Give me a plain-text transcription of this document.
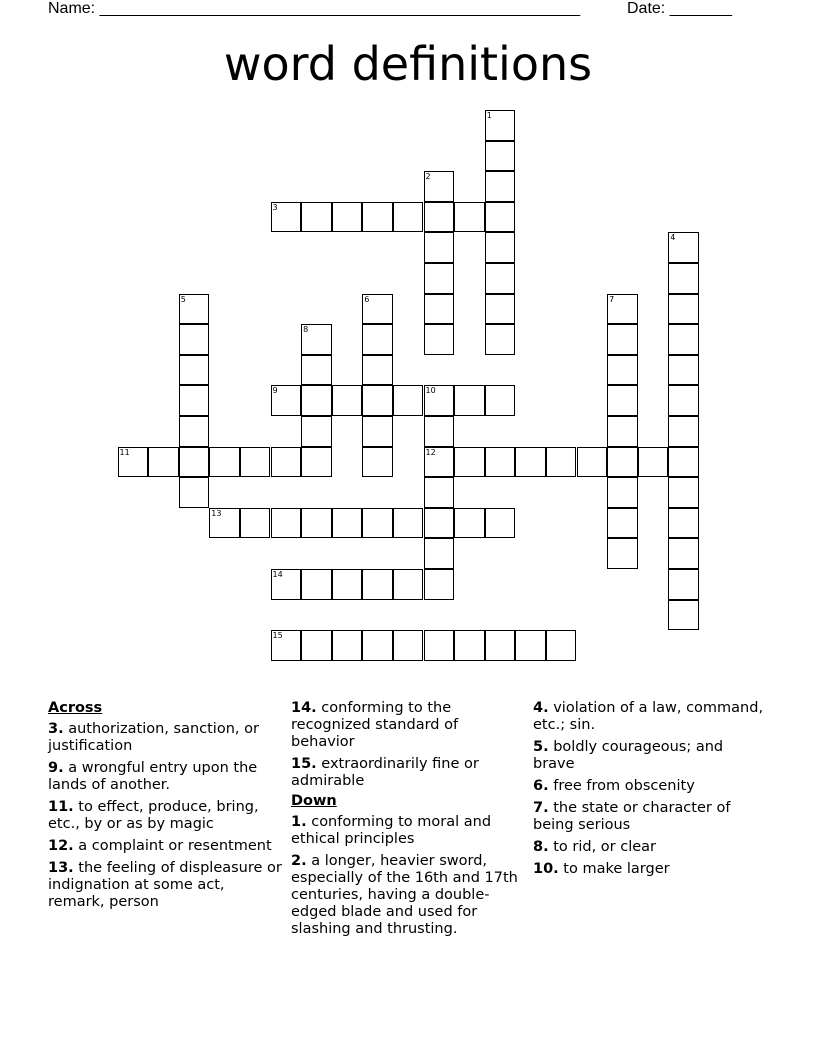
Name: ______________________________________________________	Date: _______
word definitions
1
2
3
4
5	6	7
8
9	10
11	12
13
14
15
Across
3. authorization, sanction, or justification
9. a wrongful entry upon the lands of another.
11. to effect, produce, bring, etc., by or as by magic
12. a complaint or resentment
13. the feeling of displeasure or indignation at some act, remark, person
14. conforming to the recognized standard of behavior
15. extraordinarily fine or admirable
Down
1. conforming to moral and ethical principles
2. a longer, heavier sword, especially of the 16th and 17th centuries, having a double-edged blade and used for slashing and thrusting.
4. violation of a law, command, etc.; sin.
5. boldly courageous; and brave
6. free from obscenity
7. the state or character of being serious
8. to rid, or clear
10. to make larger
